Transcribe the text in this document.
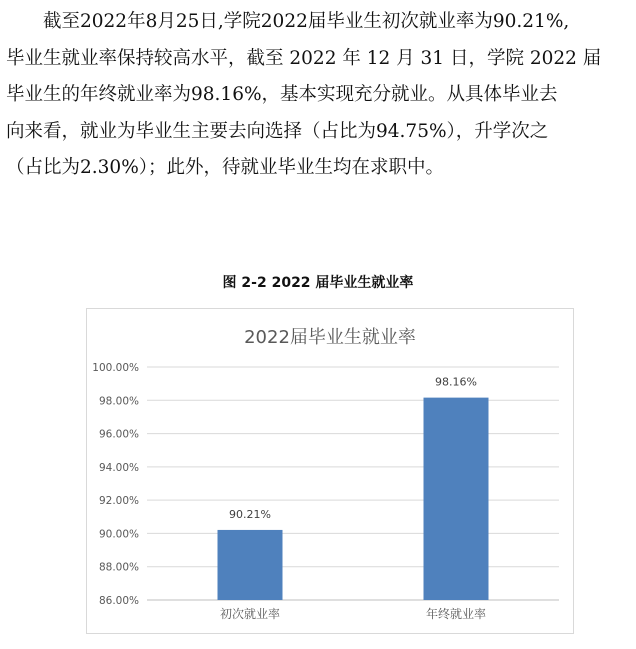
截至2022年8月25日,学院2022届毕业生初次就业率为90.21%,

毕业生就业率保持较高水平，截至 2022 年 12 月 31 日，学院 2022 届

毕业生的年终就业率为98.16%，基本实现充分就业。从具体毕业去

向来看，就业为毕业生主要去向选择（占比为94.75%），升学次之

（占比为2.30%）；此外，待就业毕业生均在求职中。

图 2-2 2022 届毕业生就业率
2022届毕业生就业率
86.00%
88.00%
90.00%
92.00%
94.00%
96.00%
98.00%
100.00%
90.21%
初次就业率
98.16%
年终就业率
